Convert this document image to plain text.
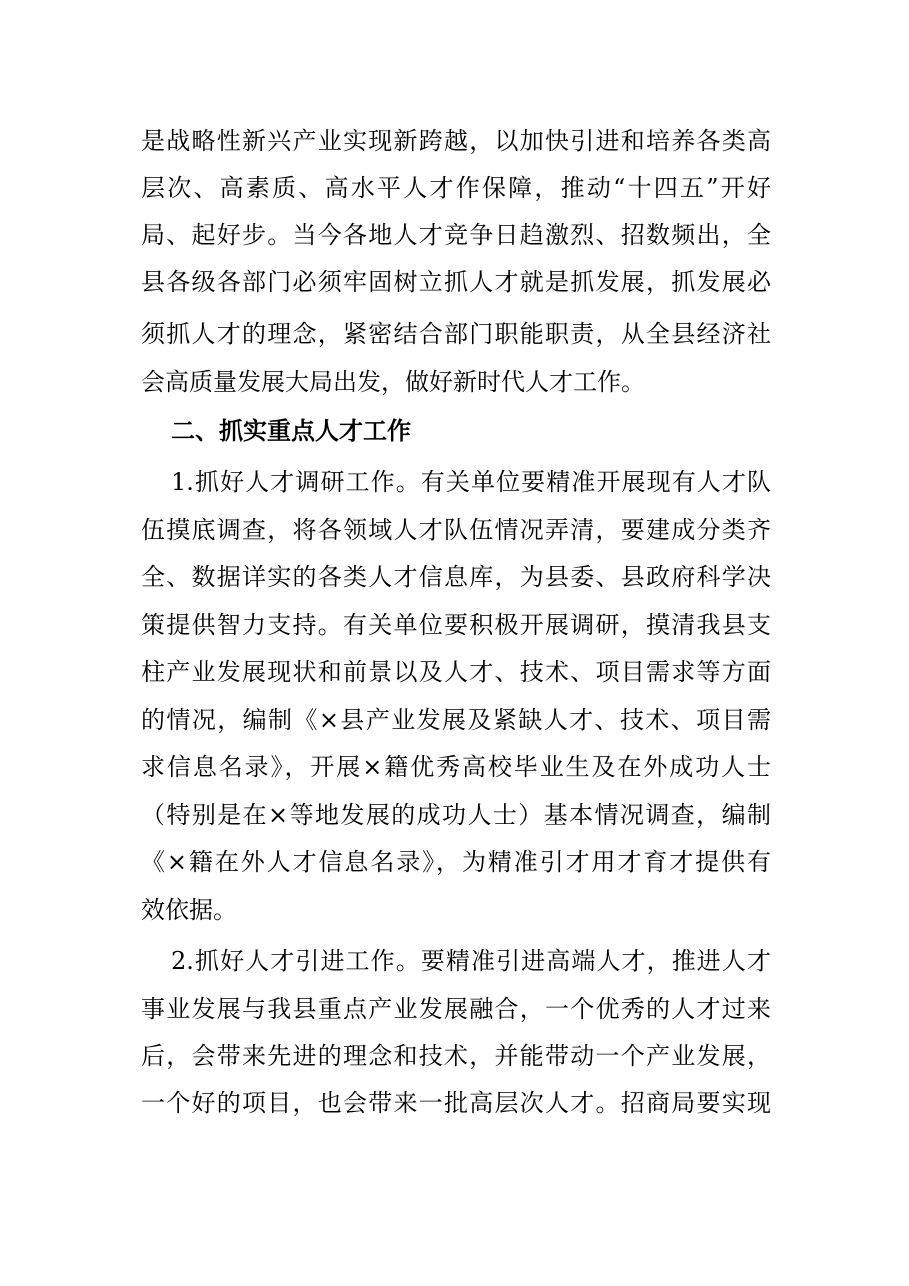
是战略性新兴产业实现新跨越，以加快引进和培养各类高
层次、高素质、高水平人才作保障，推动“十四五”开好
局、起好步。当今各地人才竞争日趋激烈、招数频出，全
县各级各部门必须牢固树立抓人才就是抓发展，抓发展必
须抓人才的理念，紧密结合部门职能职责，从全县经济社
会高质量发展大局出发，做好新时代人才工作。
二、抓实重点人才工作
1.抓好人才调研工作。有关单位要精准开展现有人才队
伍摸底调查，将各领域人才队伍情况弄清，要建成分类齐
全、数据详实的各类人才信息库，为县委、县政府科学决
策提供智力支持。有关单位要积极开展调研，摸清我县支
柱产业发展现状和前景以及人才、技术、项目需求等方面
的情况，编制《×县产业发展及紧缺人才、技术、项目需
求信息名录》，开展×籍优秀高校毕业生及在外成功人士
（特别是在×等地发展的成功人士）基本情况调查，编制
《×籍在外人才信息名录》，为精准引才用才育才提供有
效依据。
2.抓好人才引进工作。要精准引进高端人才，推进人才
事业发展与我县重点产业发展融合，一个优秀的人才过来
后，会带来先进的理念和技术，并能带动一个产业发展，
一个好的项目，也会带来一批高层次人才。招商局要实现
